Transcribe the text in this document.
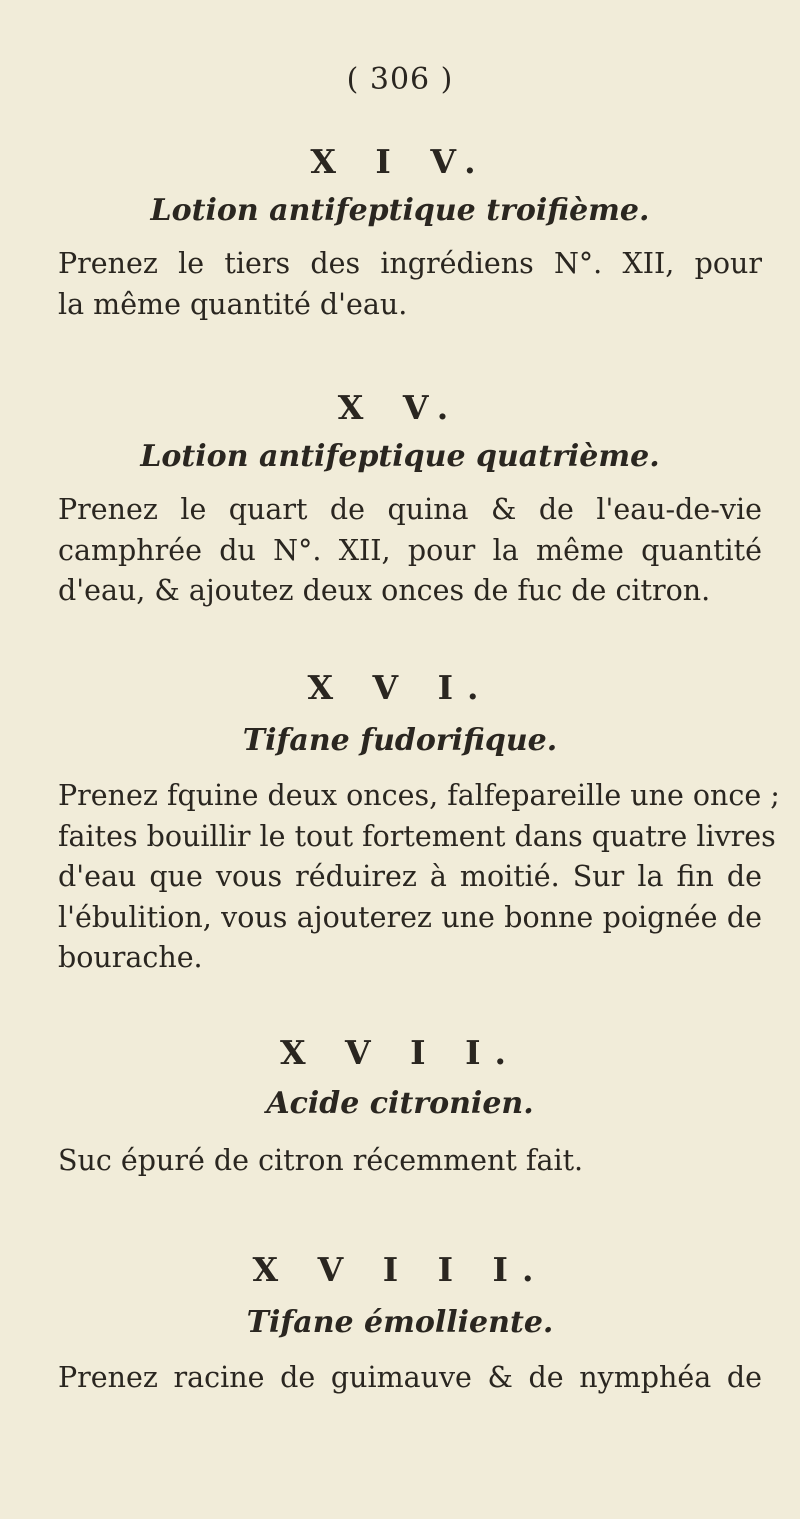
( 306 )
X I V.
Lotion antifeptique troifième.

Prenez le tiers des ingrédiens N°. XII, pour
la même quantité d'eau.

X V.
Lotion antifeptique quatrième.

Prenez le quart de quina & de l'eau-de-vie
camphrée du N°. XII, pour la même quantité
d'eau, & ajoutez deux onces de fuc de citron.

X V I.
Tifane fudorifique.

Prenez fquine deux onces, falfepareille une once ;
faites bouillir le tout fortement dans quatre livres
d'eau que vous réduirez à moitié. Sur la fin de
l'ébulition, vous ajouterez une bonne poignée de
bourache.

X V I I.
Acide citronien.

Suc épuré de citron récemment fait.

X V I I I.
Tifane émolliente.

Prenez racine de guimauve & de nymphéa de
